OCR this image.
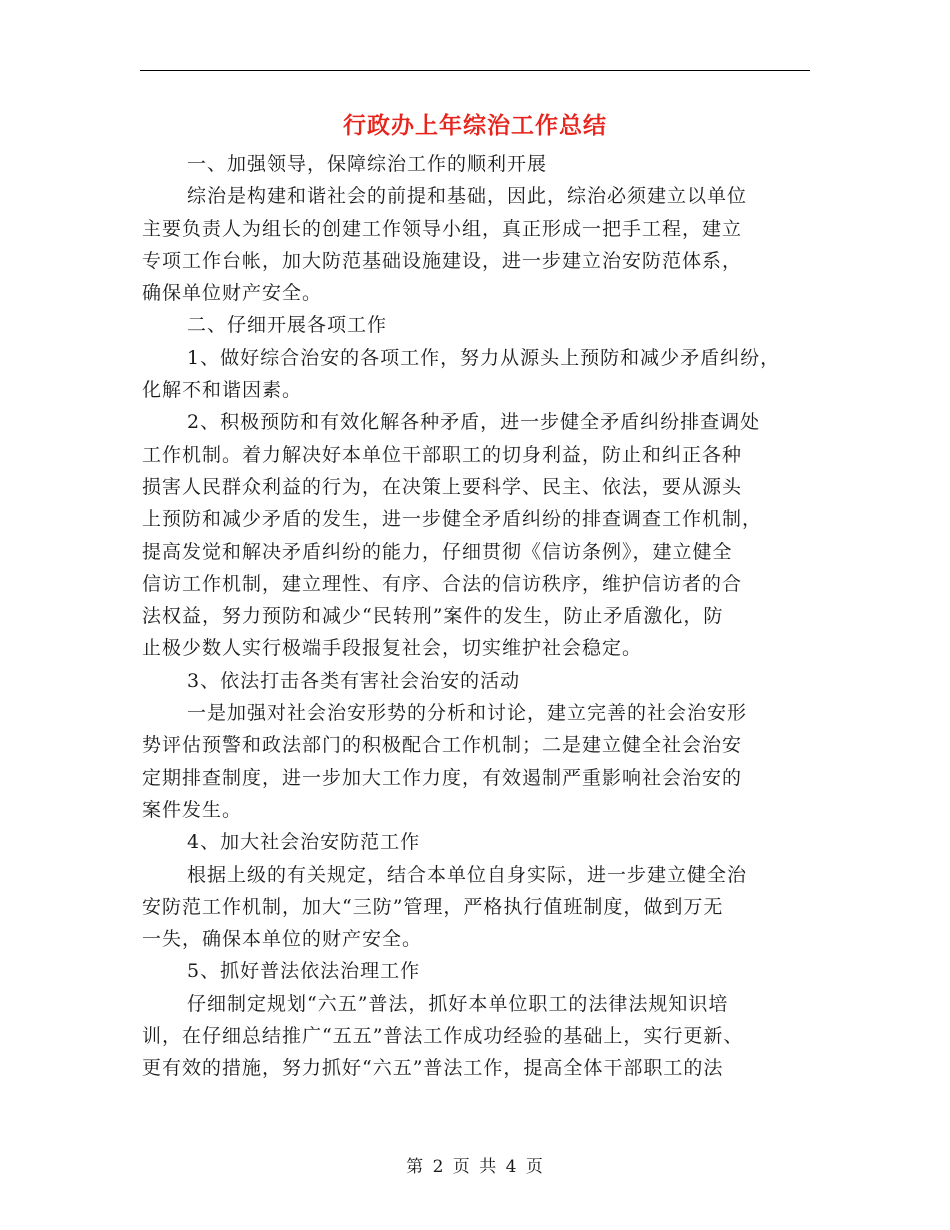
行政办上年综治工作总结
一、加强领导，保障综治工作的顺利开展
综治是构建和谐社会的前提和基础，因此，综治必须建立以单位
主要负责人为组长的创建工作领导小组，真正形成一把手工程，建立
专项工作台帐，加大防范基础设施建设，进一步建立治安防范体系，
确保单位财产安全。
二、仔细开展各项工作
1、做好综合治安的各项工作，努力从源头上预防和减少矛盾纠纷，
化解不和谐因素。
2、积极预防和有效化解各种矛盾，进一步健全矛盾纠纷排查调处
工作机制。着力解决好本单位干部职工的切身利益，防止和纠正各种
损害人民群众利益的行为，在决策上要科学、民主、依法，要从源头
上预防和减少矛盾的发生，进一步健全矛盾纠纷的排查调查工作机制，
提高发觉和解决矛盾纠纷的能力，仔细贯彻《信访条例》，建立健全
信访工作机制，建立理性、有序、合法的信访秩序，维护信访者的合
法权益，努力预防和减少“民转刑”案件的发生，防止矛盾激化，防
止极少数人实行极端手段报复社会，切实维护社会稳定。
3、依法打击各类有害社会治安的活动
一是加强对社会治安形势的分析和讨论，建立完善的社会治安形
势评估预警和政法部门的积极配合工作机制；二是建立健全社会治安
定期排查制度，进一步加大工作力度，有效遏制严重影响社会治安的
案件发生。
4、加大社会治安防范工作
根据上级的有关规定，结合本单位自身实际，进一步建立健全治
安防范工作机制，加大“三防”管理，严格执行值班制度，做到万无
一失，确保本单位的财产安全。
5、抓好普法依法治理工作
仔细制定规划“六五”普法，抓好本单位职工的法律法规知识培
训，在仔细总结推广“五五”普法工作成功经验的基础上，实行更新、
更有效的措施，努力抓好“六五”普法工作，提高全体干部职工的法
第 2 页 共 4 页
